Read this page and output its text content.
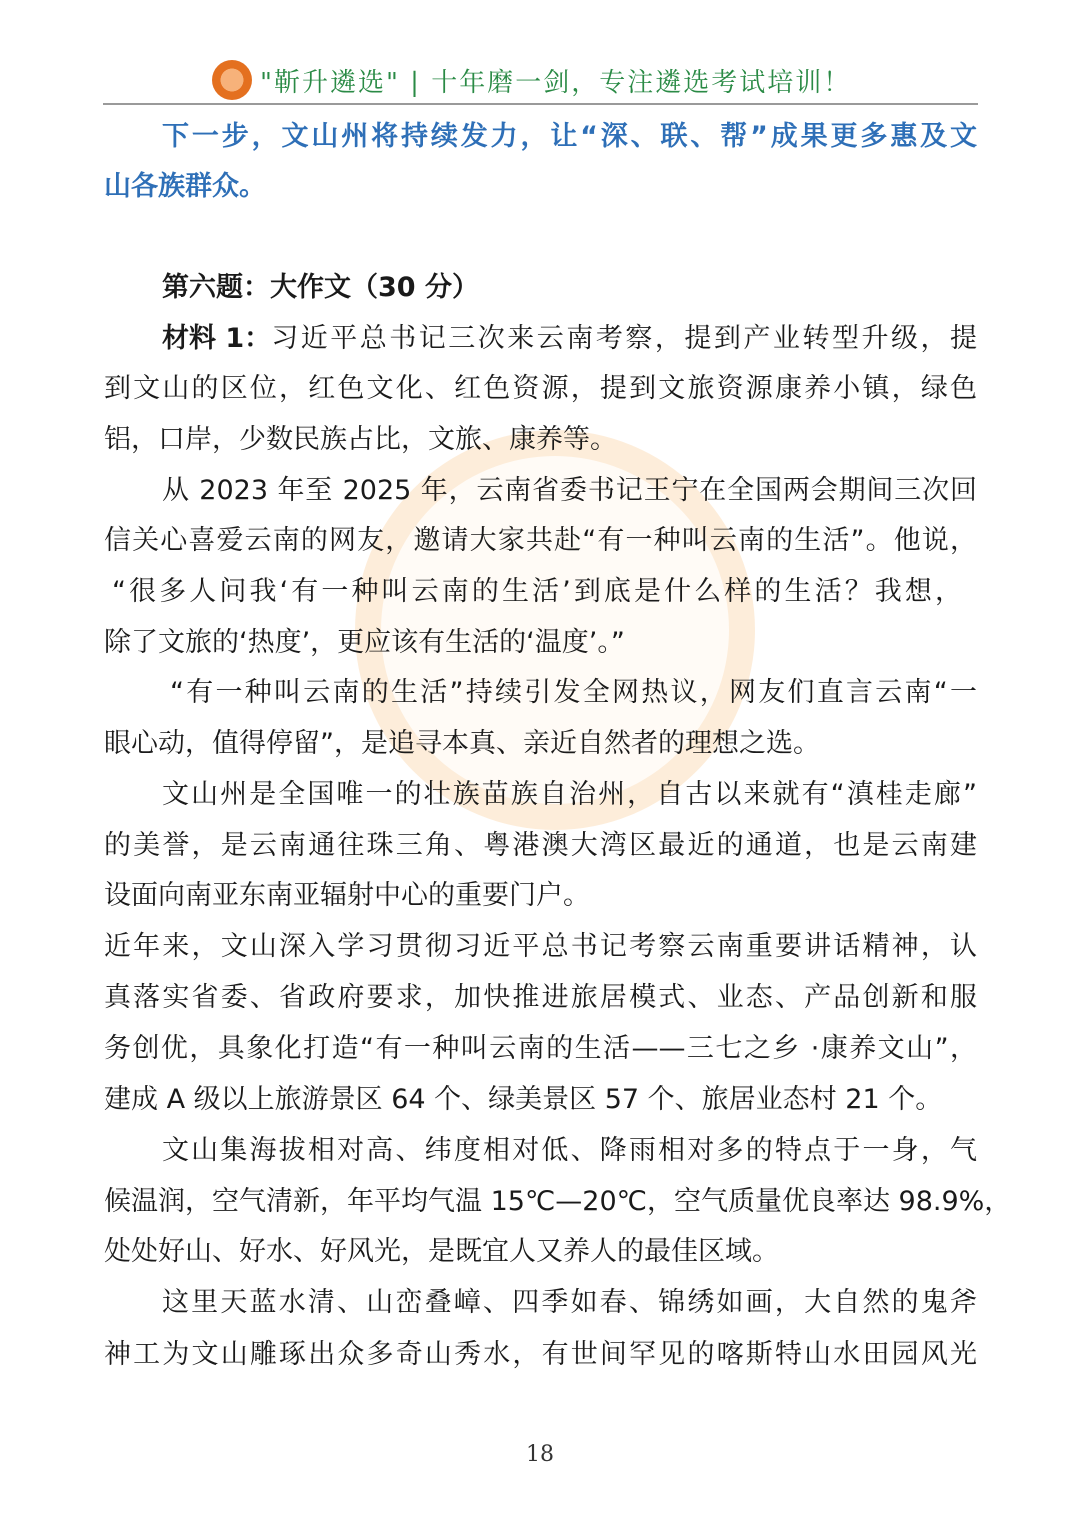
"靳升遴选" | 十年磨一剑，专注遴选考试培训！
下一步，文山州将持续发力，让“深、联、帮”成果更多惠及文
山各族群众。
第六题：大作文（30 分）
材料 1： 习近平总书记三次来云南考察，提到产业转型升级，提
到文山的区位，红色文化、红色资源，提到文旅资源康养小镇，绿色
铝，口岸，少数民族占比，文旅、康养等。
从 2023 年至 2025 年，云南省委书记王宁在全国两会期间三次回
信关心喜爱云南的网友，邀请大家共赴“有一种叫云南的生活”。他说，
“很多人问我‘有一种叫云南的生活’到底是什么样的生活？我想，
除了文旅的‘热度’，更应该有生活的‘温度’。”
“有一种叫云南的生活”持续引发全网热议，网友们直言云南“一
眼心动，值得停留”，是追寻本真、亲近自然者的理想之选。
文山州是全国唯一的壮族苗族自治州，自古以来就有“滇桂走廊”
的美誉，是云南通往珠三角、粤港澳大湾区最近的通道，也是云南建
设面向南亚东南亚辐射中心的重要门户。
近年来，文山深入学习贯彻习近平总书记考察云南重要讲话精神，认
真落实省委、省政府要求，加快推进旅居模式、业态、产品创新和服
务创优，具象化打造“有一种叫云南的生活——三七之乡 ·康养文山”，
建成 A 级以上旅游景区 64 个、绿美景区 57 个、旅居业态村 21 个。
文山集海拔相对高、纬度相对低、降雨相对多的特点于一身，气
候温润，空气清新，年平均气温 15℃—20℃，空气质量优良率达 98.9%，
处处好山、好水、好风光，是既宜人又养人的最佳区域。
这里天蓝水清、山峦叠嶂、四季如春、锦绣如画，大自然的鬼斧
神工为文山雕琢出众多奇山秀水，有世间罕见的喀斯特山水田园风光
18
